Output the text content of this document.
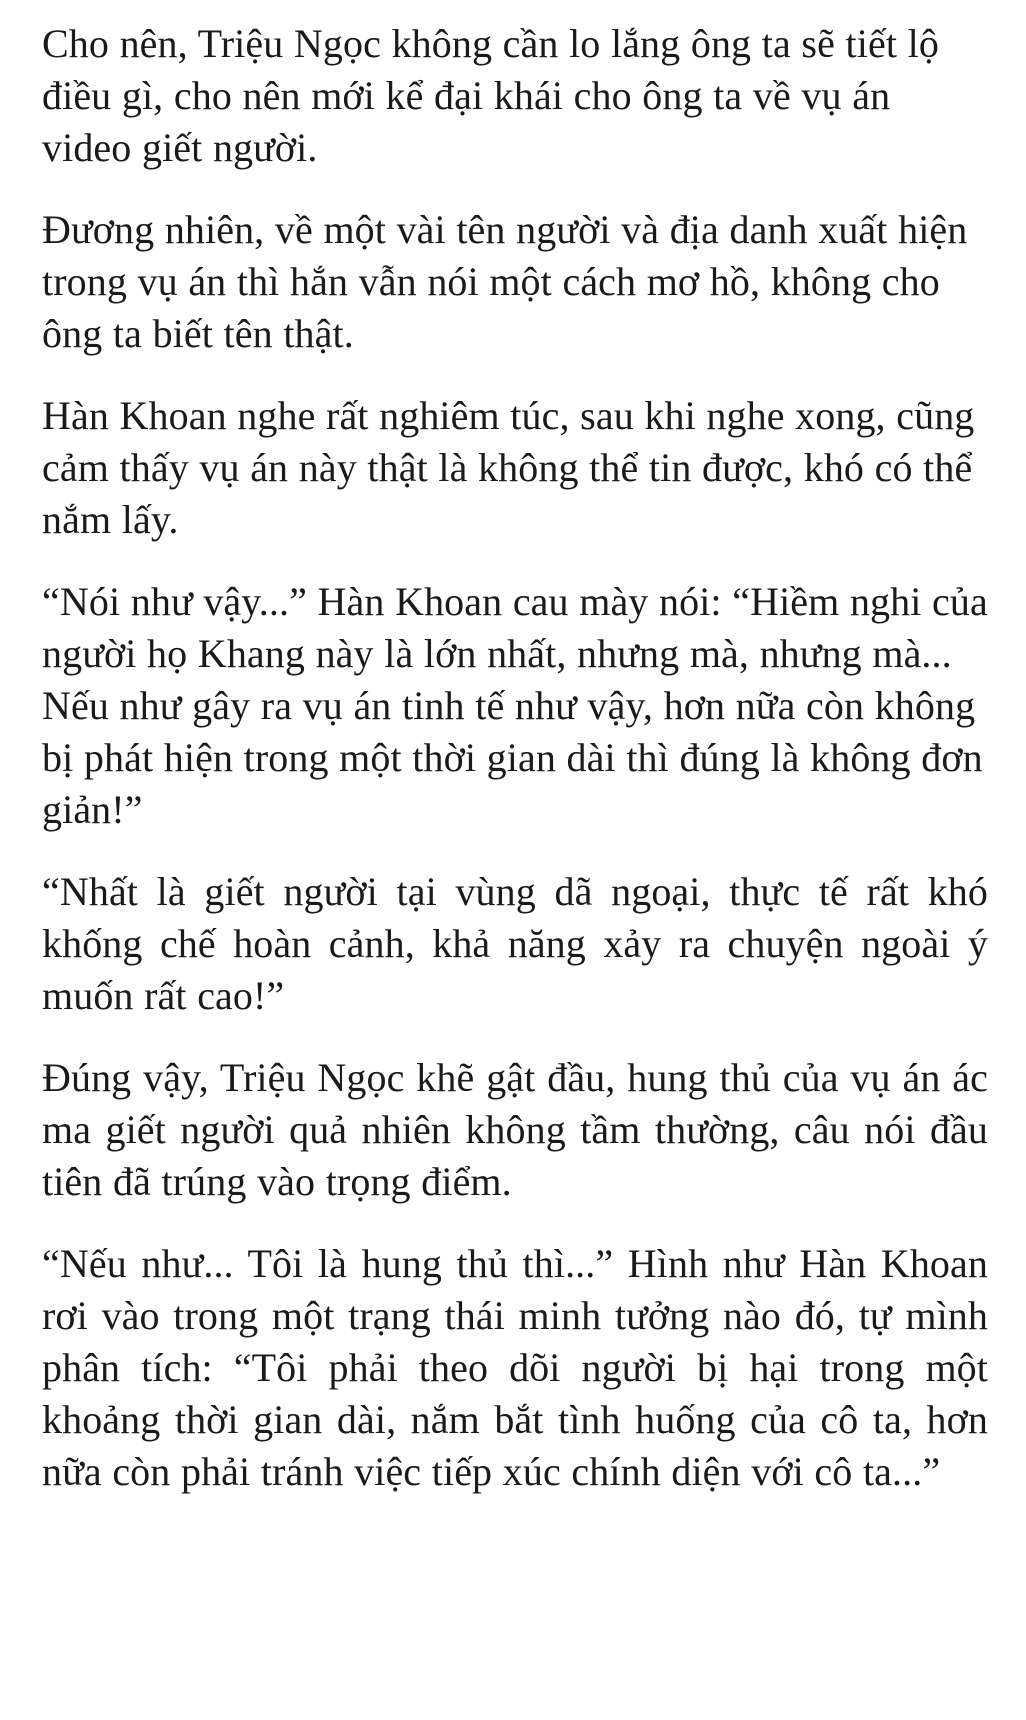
Cho nên, Triệu Ngọc không cần lo lắng ông ta sẽ tiết lộ điều gì, cho nên mới kể đại khái cho ông ta về vụ án video giết người.

Đương nhiên, về một vài tên người và địa danh xuất hiện trong vụ án thì hắn vẫn nói một cách mơ hồ, không cho ông ta biết tên thật.

Hàn Khoan nghe rất nghiêm túc, sau khi nghe xong, cũng cảm thấy vụ án này thật là không thể tin được, khó có thể nắm lấy.

“Nói như vậy...” Hàn Khoan cau mày nói: “Hiềm nghi của người họ Khang này là lớn nhất, nhưng mà, nhưng mà... Nếu như gây ra vụ án tinh tế như vậy, hơn nữa còn không bị phát hiện trong một thời gian dài thì đúng là không đơn giản!”

“Nhất là giết người tại vùng dã ngoại, thực tế rất khó khống chế hoàn cảnh, khả năng xảy ra chuyện ngoài ý muốn rất cao!”

Đúng vậy, Triệu Ngọc khẽ gật đầu, hung thủ của vụ án ác ma giết người quả nhiên không tầm thường, câu nói đầu tiên đã trúng vào trọng điểm.

“Nếu như... Tôi là hung thủ thì...” Hình như Hàn Khoan rơi vào trong một trạng thái minh tưởng nào đó, tự mình phân tích: “Tôi phải theo dõi người bị hại trong một khoảng thời gian dài, nắm bắt tình huống của cô ta, hơn nữa còn phải tránh việc tiếp xúc chính diện với cô ta...”
